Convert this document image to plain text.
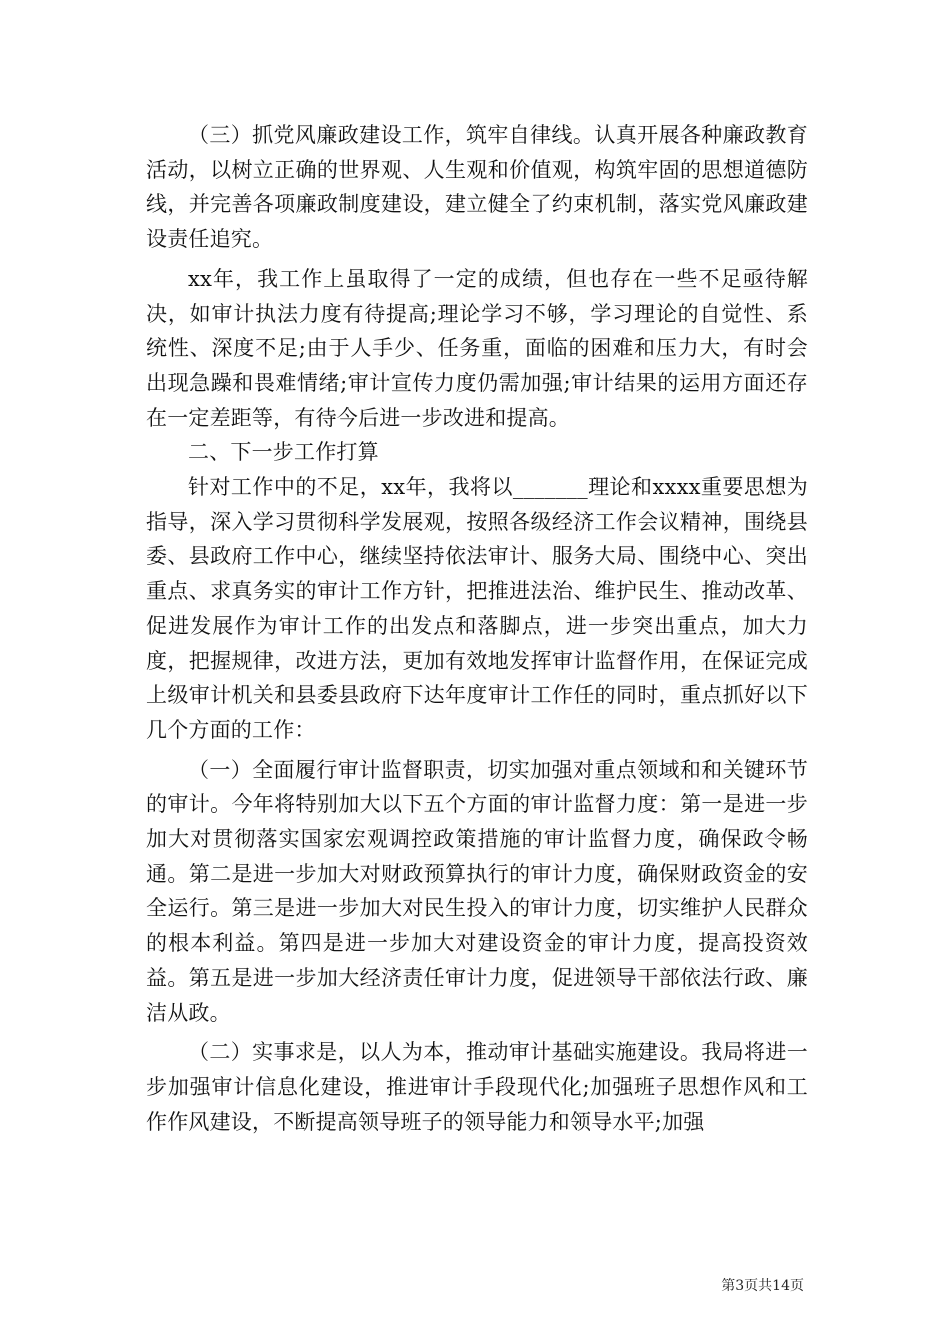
（三）抓党风廉政建设工作，筑牢自律线。认真开展各种廉政教育活动，以树立正确的世界观、人生观和价值观，构筑牢固的思想道德防线，并完善各项廉政制度建设，建立健全了约束机制，落实党风廉政建设责任追究。

xx年，我工作上虽取得了一定的成绩，但也存在一些不足亟待解决，如审计执法力度有待提高;理论学习不够，学习理论的自觉性、系统性、深度不足;由于人手少、任务重，面临的困难和压力大，有时会出现急躁和畏难情绪;审计宣传力度仍需加强;审计结果的运用方面还存在一定差距等，有待今后进一步改进和提高。

二、下一步工作打算

针对工作中的不足，xx年，我将以_______理论和xxxx重要思想为指导，深入学习贯彻科学发展观，按照各级经济工作会议精神，围绕县委、县政府工作中心，继续坚持依法审计、服务大局、围绕中心、突出重点、求真务实的审计工作方针，把推进法治、维护民生、推动改革、促进发展作为审计工作的出发点和落脚点，进一步突出重点，加大力度，把握规律，改进方法，更加有效地发挥审计监督作用，在保证完成上级审计机关和县委县政府下达年度审计工作任的同时，重点抓好以下几个方面的工作：

（一）全面履行审计监督职责，切实加强对重点领域和和关键环节的审计。今年将特别加大以下五个方面的审计监督力度：第一是进一步加大对贯彻落实国家宏观调控政策措施的审计监督力度，确保政令畅通。第二是进一步加大对财政预算执行的审计力度，确保财政资金的安全运行。第三是进一步加大对民生投入的审计力度，切实维护人民群众的根本利益。第四是进一步加大对建设资金的审计力度，提高投资效益。第五是进一步加大经济责任审计力度，促进领导干部依法行政、廉洁从政。

（二）实事求是，以人为本，推动审计基础实施建设。我局将进一步加强审计信息化建设，推进审计手段现代化;加强班子思想作风和工作作风建设，不断提高领导班子的领导能力和领导水平;加强

第3页共14页
